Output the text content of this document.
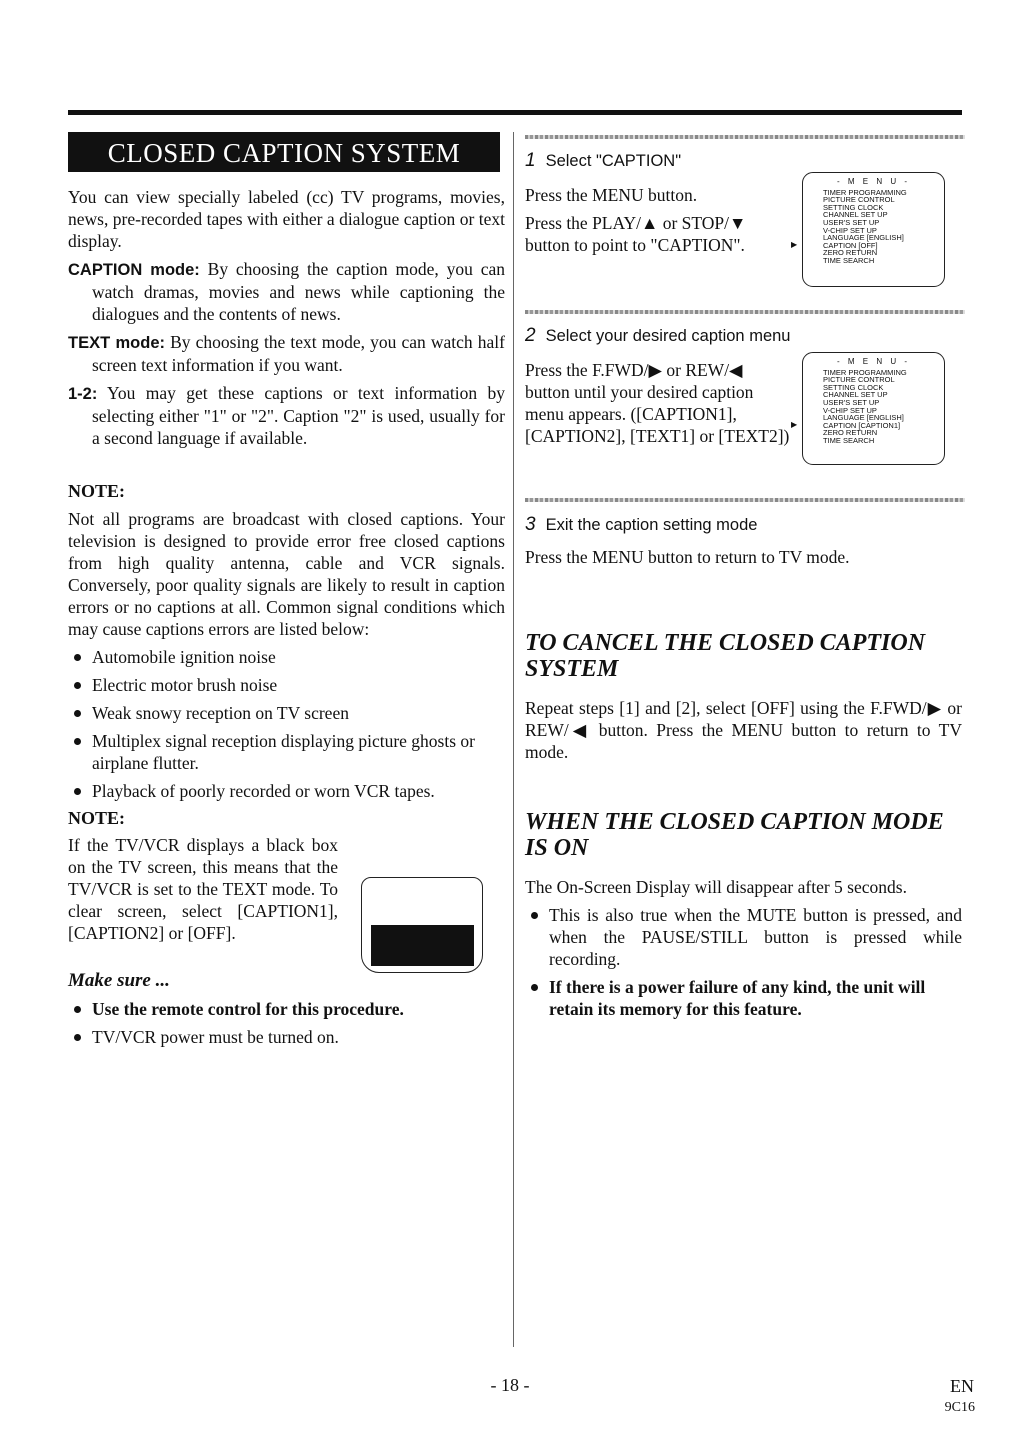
CLOSED CAPTION SYSTEM

You can view specially labeled (cc) TV programs, movies, news, pre-recorded tapes with either a dialogue caption or text display.

CAPTION mode: By choosing the caption mode, you can watch dramas, movies and news while captioning the dialogues and the contents of news.

TEXT mode: By choosing the text mode, you can watch half screen text information if you want.

1-2: You may get these captions or text information by selecting either "1" or "2". Caption "2" is used, usually for a second language if available.

NOTE:

Not all programs are broadcast with closed captions. Your television is designed to provide error free closed captions from high quality antenna, cable and VCR signals. Conversely, poor quality signals are likely to result in caption errors or no captions at all. Common signal conditions which may cause captions errors are listed below:

Automobile ignition noise
Electric motor brush noise
Weak snowy reception on TV screen
Multiplex signal reception displaying picture ghosts or airplane flutter.
Playback of poorly recorded or worn VCR tapes.

NOTE:

If the TV/VCR displays a black box on the TV screen, this means that the TV/VCR is set to the TEXT mode. To clear screen, select [CAPTION1], [CAPTION2] or [OFF].

Make sure ...

Use the remote control for this procedure.
TV/VCR power must be turned on.
1 Select "CAPTION"

Press the MENU button.

Press the PLAY/▲ or STOP/▼ button to point to "CAPTION".

- M E N U -
TIMER PROGRAMMING
PICTURE CONTROL
SETTING CLOCK
CHANNEL SET UP
USER'S SET UP
V-CHIP SET UP
LANGUAGE [ENGLISH]
▶	CAPTION [OFF]
ZERO RETURN
TIME SEARCH
2 Select your desired caption menu

Press the F.FWD/▶ or REW/◀ button until your desired caption menu appears. ([CAPTION1], [CAPTION2], [TEXT1] or [TEXT2])

- M E N U -
TIMER PROGRAMMING
PICTURE CONTROL
SETTING CLOCK
CHANNEL SET UP
USER'S SET UP
V-CHIP SET UP
LANGUAGE [ENGLISH]
▶	CAPTION [CAPTION1]
ZERO RETURN
TIME SEARCH
3 Exit the caption setting mode

Press the MENU button to return to TV mode.

TO CANCEL THE CLOSED CAPTION SYSTEM

Repeat steps [1] and [2], select [OFF] using the F.FWD/▶ or REW/◀ button. Press the MENU button to return to TV mode.

WHEN THE CLOSED CAPTION MODE IS ON

The On-Screen Display will disappear after 5 seconds.

This is also true when the MUTE button is pressed, and when the PAUSE/STILL button is pressed while recording.
If there is a power failure of any kind, the unit will retain its memory for this feature.
- 18 -	EN
9C16
